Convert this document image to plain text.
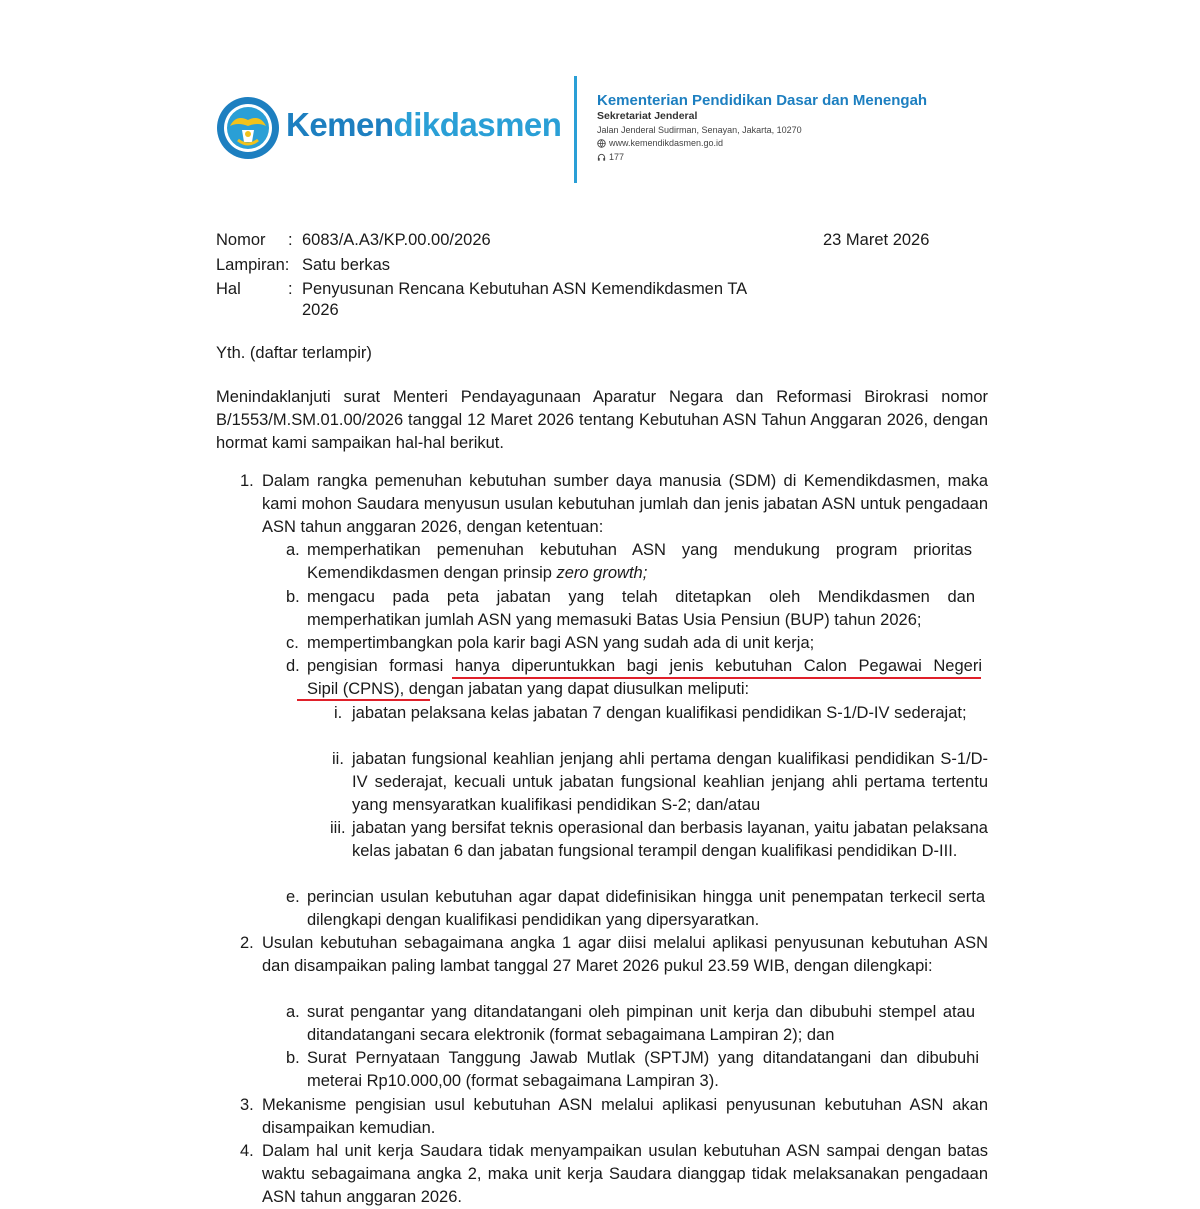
Kemendikdasmen
Kementerian Pendidikan Dasar dan Menengah
Sekretariat Jenderal
Jalan Jenderal Sudirman, Senayan, Jakarta, 10270
www.kemendikdasmen.go.id
177
Nomor : 6083/A.A3/KP.00.00/2026	23 Maret 2026
Lampiran: Satu berkas
Hal	: Penyusunan Rencana Kebutuhan ASN Kemendikdasmen TA
2026
Yth. (daftar terlampir)
Menindaklanjuti surat Menteri Pendayagunaan Aparatur Negara dan Reformasi Birokrasi nomor B/1553/M.SM.01.00/2026 tanggal 12 Maret 2026 tentang Kebutuhan ASN Tahun Anggaran 2026, dengan hormat kami sampaikan hal-hal berikut.
1. Dalam rangka pemenuhan kebutuhan sumber daya manusia (SDM) di Kemendikdasmen, maka kami mohon Saudara menyusun usulan kebutuhan jumlah dan jenis jabatan ASN untuk pengadaan ASN tahun anggaran 2026, dengan ketentuan:
a. memperhatikan pemenuhan kebutuhan ASN yang mendukung program prioritas Kemendikdasmen dengan prinsip zero growth;
b. mengacu pada peta jabatan yang telah ditetapkan oleh Mendikdasmen dan memperhatikan jumlah ASN yang memasuki Batas Usia Pensiun (BUP) tahun 2026;
c. mempertimbangkan pola karir bagi ASN yang sudah ada di unit kerja;
d. pengisian formasi hanya diperuntukkan bagi jenis kebutuhan Calon Pegawai Negeri
Sipil (CPNS), dengan jabatan yang dapat diusulkan meliputi:
i. jabatan pelaksana kelas jabatan 7 dengan kualifikasi pendidikan S-1/D-IV sederajat;
ii. jabatan fungsional keahlian jenjang ahli pertama dengan kualifikasi pendidikan S-1/D-IV sederajat, kecuali untuk jabatan fungsional keahlian jenjang ahli pertama tertentu yang mensyaratkan kualifikasi pendidikan S-2; dan/atau
iii. jabatan yang bersifat teknis operasional dan berbasis layanan, yaitu jabatan pelaksana kelas jabatan 6 dan jabatan fungsional terampil dengan kualifikasi pendidikan D-III.
e. perincian usulan kebutuhan agar dapat didefinisikan hingga unit penempatan terkecil serta dilengkapi dengan kualifikasi pendidikan yang dipersyaratkan.
2. Usulan kebutuhan sebagaimana angka 1 agar diisi melalui aplikasi penyusunan kebutuhan ASN dan disampaikan paling lambat tanggal 27 Maret 2026 pukul 23.59 WIB, dengan dilengkapi:
a. surat pengantar yang ditandatangani oleh pimpinan unit kerja dan dibubuhi stempel atau ditandatangani secara elektronik (format sebagaimana Lampiran 2); dan
b. Surat Pernyataan Tanggung Jawab Mutlak (SPTJM) yang ditandatangani dan dibubuhi meterai Rp10.000,00 (format sebagaimana Lampiran 3).
3. Mekanisme pengisian usul kebutuhan ASN melalui aplikasi penyusunan kebutuhan ASN akan disampaikan kemudian.
4. Dalam hal unit kerja Saudara tidak menyampaikan usulan kebutuhan ASN sampai dengan batas waktu sebagaimana angka 2, maka unit kerja Saudara dianggap tidak melaksanakan pengadaan ASN tahun anggaran 2026.
